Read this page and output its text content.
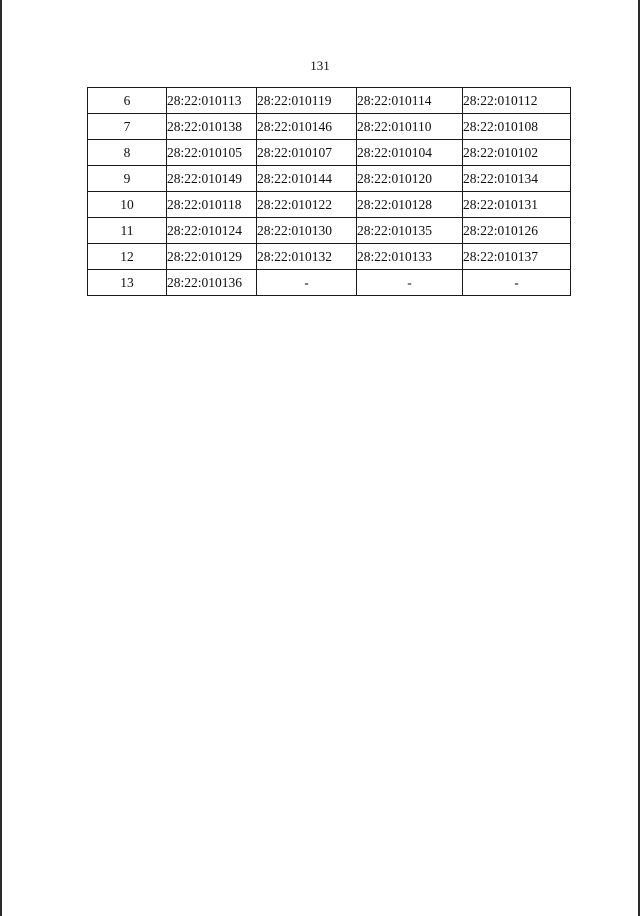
131
6	28:22:010113	28:22:010119	28:22:010114	28:22:010112
7	28:22:010138	28:22:010146	28:22:010110	28:22:010108
8	28:22:010105	28:22:010107	28:22:010104	28:22:010102
9	28:22:010149	28:22:010144	28:22:010120	28:22:010134
10	28:22:010118	28:22:010122	28:22:010128	28:22:010131
11	28:22:010124	28:22:010130	28:22:010135	28:22:010126
12	28:22:010129	28:22:010132	28:22:010133	28:22:010137
13	28:22:010136	-	-	-
